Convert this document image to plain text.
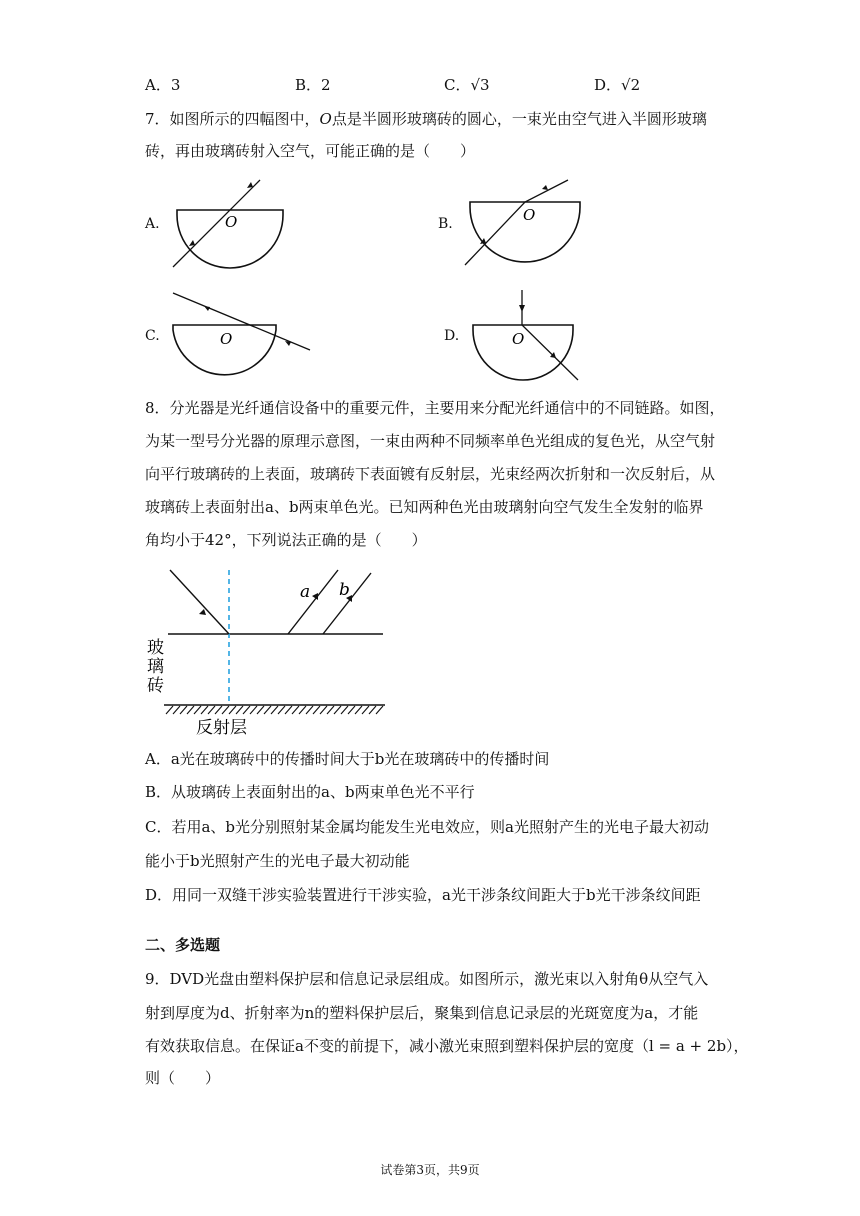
A．3	B．2	C．√3	D．√2
7．如图所示的四幅图中，O点是半圆形玻璃砖的圆心，一束光由空气进入半圆形玻璃
砖，再由玻璃砖射入空气，可能正确的是（　　）
A.	O	B.	O
C.	O	D.	O
8．分光器是光纤通信设备中的重要元件，主要用来分配光纤通信中的不同链路。如图，
为某一型号分光器的原理示意图，一束由两种不同频率单色光组成的复色光，从空气射
向平行玻璃砖的上表面，玻璃砖下表面镀有反射层，光束经两次折射和一次反射后，从
玻璃砖上表面射出a、b两束单色光。已知两种色光由玻璃射向空气发生全发射的临界
角均小于42°，下列说法正确的是（　　）
a b
玻
璃
砖
反射层
A．a光在玻璃砖中的传播时间大于b光在玻璃砖中的传播时间
B．从玻璃砖上表面射出的a、b两束单色光不平行
C．若用a、b光分别照射某金属均能发生光电效应，则a光照射产生的光电子最大初动
能小于b光照射产生的光电子最大初动能
D．用同一双缝干涉实验装置进行干涉实验，a光干涉条纹间距大于b光干涉条纹间距
二、多选题
9．DVD光盘由塑料保护层和信息记录层组成。如图所示，激光束以入射角θ从空气入
射到厚度为d、折射率为n的塑料保护层后，聚集到信息记录层的光斑宽度为a，才能
有效获取信息。在保证a不变的前提下，减小激光束照到塑料保护层的宽度（l = a + 2b），
则（　　）
试卷第3页，共9页
